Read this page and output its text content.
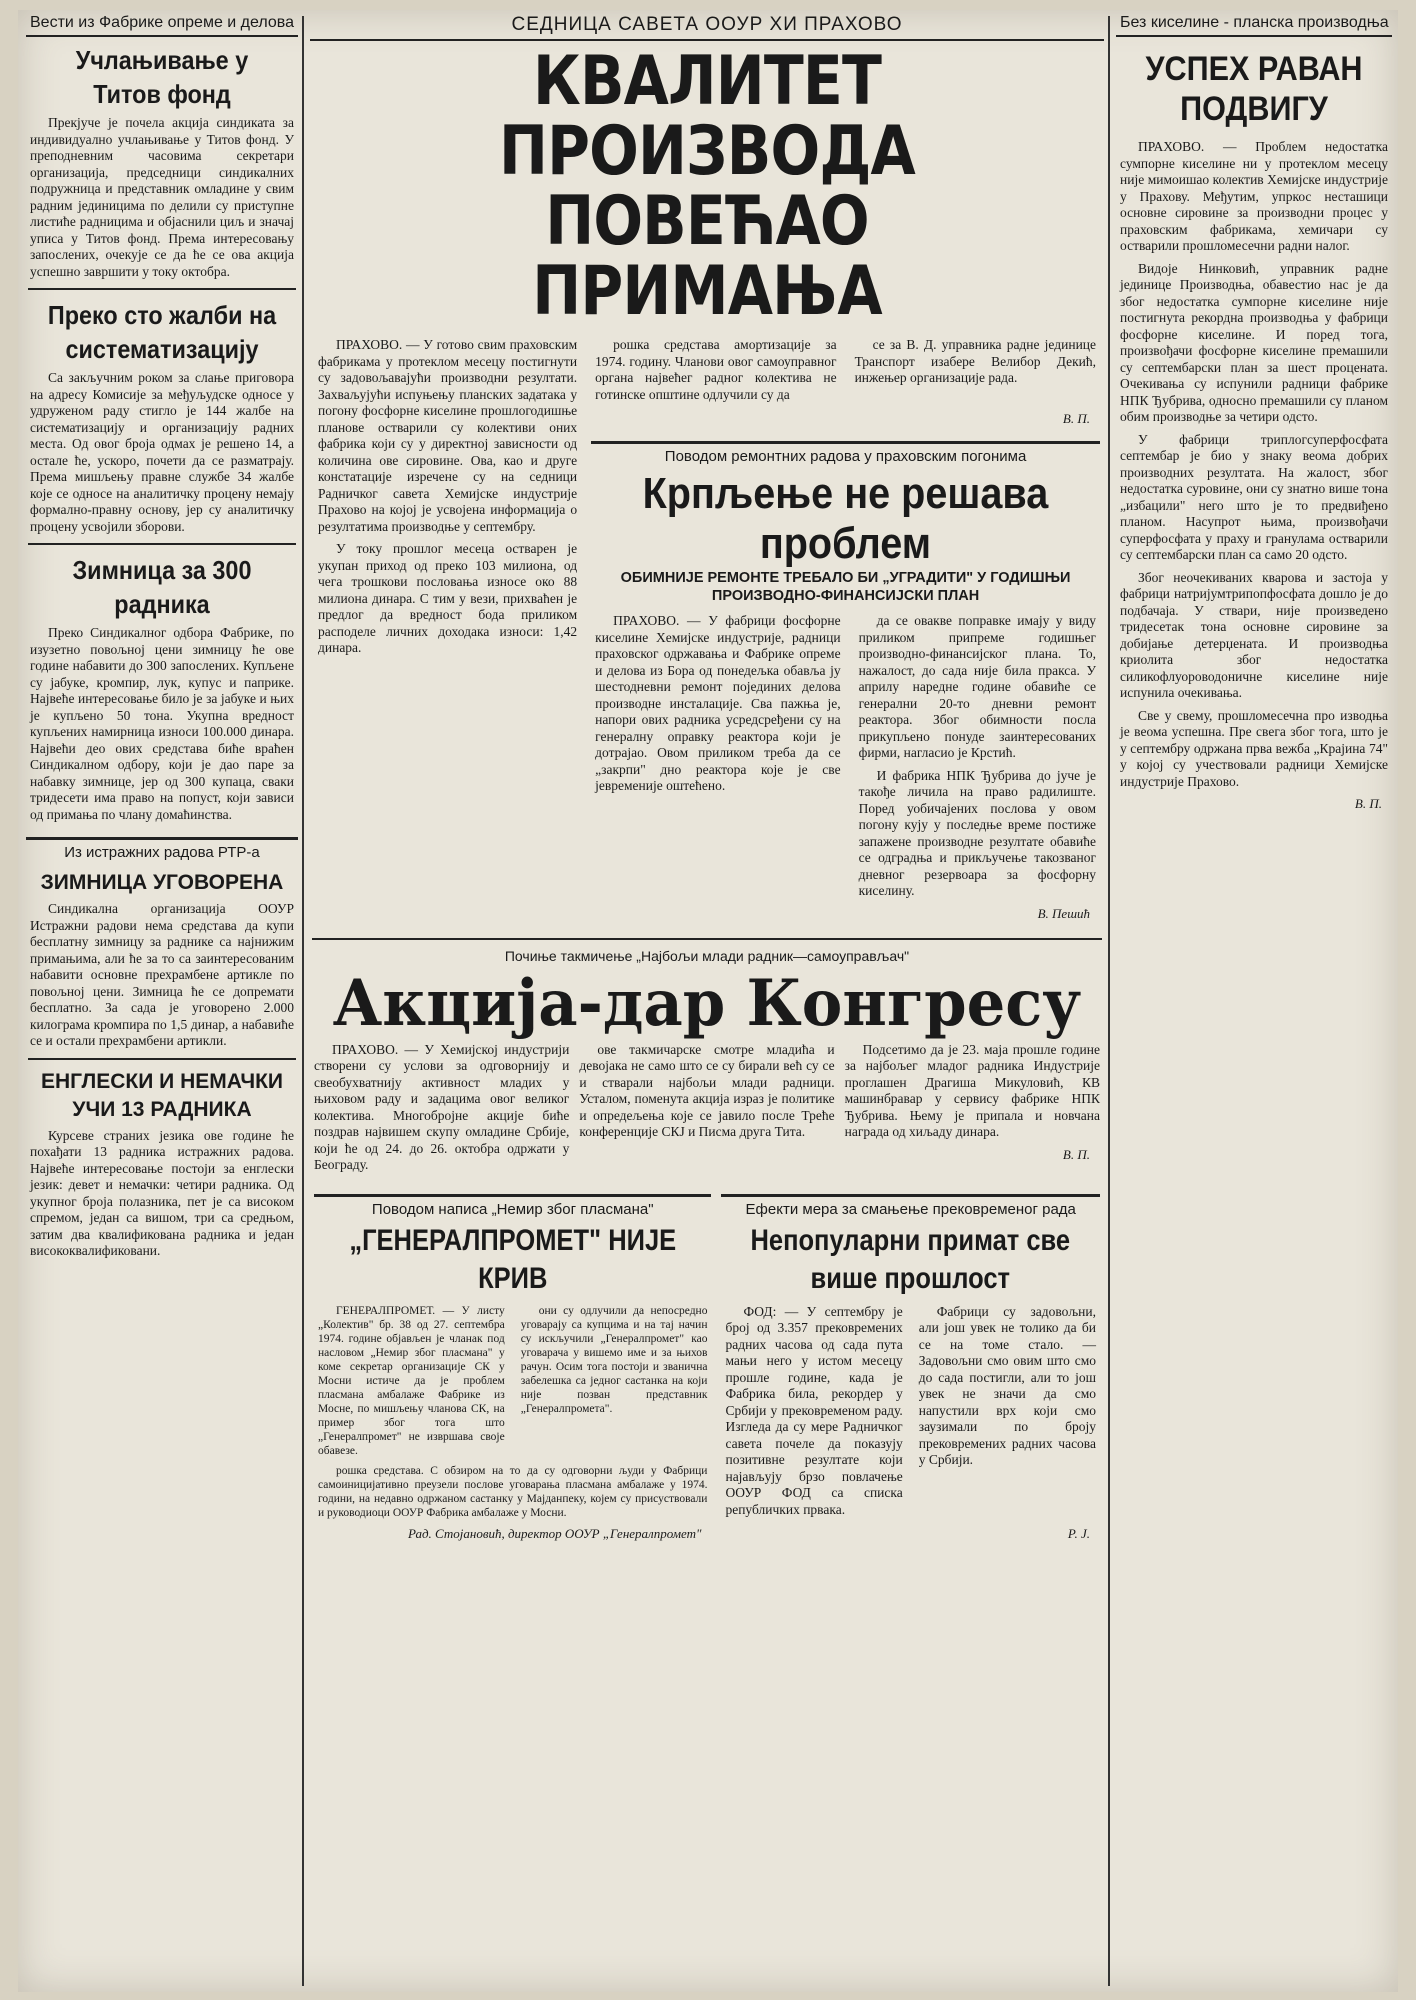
Вести из Фабрике опреме и делова
Учлањивање у Титов фонд

Прекјуче је почела акција синдиката за индивидуално учлањивање у Титов фонд. У преподневним часовима секретари организација, председници синдикалних подружница и представник омладине у свим радним јединицима по делили су приступне листиће радницима и објаснили циљ и значај уписа у Титов фонд. Према интересовању запослених, очекује се да ће се ова акција успешно завршити у току октобра.

Преко сто жалби на систематизацију

Са закључним роком за слање приговора на адресу Комисије за међуљудске односе у удруженом раду стигло је 144 жалбе на систематизацију и организацију радних места. Од овог броја одмах је решено 14, а остале ће, ускоро, почети да се разматрају. Према мишљењу правне службе 34 жалбе које се односе на аналитичку процену немају формално-правну основу, јер су аналитичку процену усвојили зборови.

Зимница за 300 радника

Преко Синдикалног одбора Фабрике, по изузетно повољној цени зимницу ће ове године набавити до 300 запослених. Купљене су јабуке, кромпир, лук, купус и паприке. Највеће интересовање било је за јабуке и њих је купљено 50 тона. Укупна вредност купљених намирница износи 100.000 динара. Највећи део ових средстава биће враћен Синдикалном одбору, који је дао паре за набавку зимнице, јер од 300 купаца, сваки тридесети има право на попуст, који зависи од примања по члану домаћинства.

Из истражних радова РТР-а
ЗИМНИЦА УГОВОРЕНА

Синдикална организација ООУР Истражни радови нема средстава да купи бесплатну зимницу за раднике са најнижим примањима, али ће за то са заинтересованим набавити основне прехрамбене артикле по повољној цени. Зимница ће се допремати бесплатно. За сада је уговорено 2.000 килограма кромпира по 1,5 динар, а набавиће се и остали прехрамбени артикли.

ЕНГЛЕСКИ И НЕМАЧКИ УЧИ 13 РАДНИКА

Курсеве страних језика ове године ће похађати 13 радника истражних радова. Највеће интересовање постоји за енглески језик: девет и немачки: четири радника. Од укупног броја полазника, пет је са високом спремом, један са вишом, три са средњом, затим два квалификована радника и један висококвалификовани.

СЕДНИЦА САВЕТА ООУР ХИ ПРАХОВО
КВАЛИТЕТ ПРОИЗВОДА ПОВЕЋАО ПРИМАЊА

ПРАХОВО. — У готово свим праховским фабрикама у протеклом месецу постигнути су задовољавајући производни резултати. Захваљујући испуњењу планских задатака у погону фосфорне киселине прошлогодишње планове остварили су колективи оних фабрика који су у директној зависности од количина ове сировине. Ова, као и друге констатације изречене су на седници Радничког савета Хемијске индустрије Прахово на којој је усвојена информација о резултатима производње у септембру.

У току прошлог месеца остварен је укупан приход од преко 103 милиона, од чега трошкови пословања износе око 88 милиона динара. С тим у вези, прихваћен је предлог да вредност бода приликом расподеле личних доходака износи: 1,42 динара.

рошка средстава амортизације за 1974. годину. Чланови овог самоуправног органа највећег радног колектива не готинске општине одлучили су да

се за В. Д. управника радне јединице Транспорт изабере Велибор Декић, инжењер организације рада.

В. П.
Поводом ремонтних радова у праховским погонима
Крпљење не решава проблем
ОБИМНИЈЕ РЕМОНТЕ ТРЕБАЛО БИ „УГРАДИТИ" У ГОДИШЊИ ПРОИЗВОДНО-ФИНАНСИЈСКИ ПЛАН

ПРАХОВО. — У фабрици фосфорне киселине Хемијске индустрије, радници праховског одржавања и Фабрике опреме и делова из Бора од понедељка обавља ју шестодневни ремонт појединих делова производне инсталације. Сва пажња је, напори ових радника усредсређени су на генералну оправку реактора који је дотрајао. Овом приликом треба да се „закрпи" дно реактора које је све јевременије оштећено.

да се овакве поправке имају у виду приликом припреме годишњег производно-финансијског плана. То, нажалост, до сада није била пракса. У априлу наредне године обавиће се генерални 20-то дневни ремонт реактора. Због обимности посла прикупљено понуде заинтересованих фирми, нагласио је Крстић.

И фабрика НПК Ђубрива до јуче је такође личила на право радилиште. Поред уобичајених послова у овом погону кују у последње време постиже запажене производне резултате обавиће се одградња и прикључење такозваног дневног резервоара за фосфорну киселину.

В. Пешић
Почиње такмичење „Најбољи млади радник—самоуправљач"
Акција-дар Конгресу

ПРАХОВО. — У Хемијској индустрији створени су услови за одговорнију и свеобухватнију активност младих у њиховом раду и задацима овог великог колектива. Многобројне акције биће поздрав највишем скупу омладине Србије, који ће од 24. до 26. октобра одржати у Београду.

ове такмичарске смотре младића и девојака не само што се су бирали већ су се и стварали најбољи млади радници. Усталом, поменута акција израз је политике и опредељења које се јавило после Треће конференције СКЈ и Писма друга Тита.

Подсетимо да је 23. маја прошле године за најбољег младог радника Индустрије проглашен Драгиша Микуловић, КВ машинбравар у сервису фабрике НПК Ђубрива. Њему је припала и новчана награда од хиљаду динара.

В. П.
Поводом написа „Немир због пласмана"
„ГЕНЕРАЛПРОМЕТ" НИЈЕ КРИВ

ГЕНЕРАЛПРОМЕТ. — У листу „Колектив" бр. 38 од 27. септембра 1974. године објављен је чланак под насловом „Немир због пласмана" у коме секретар организације СК у Мосни истиче да је проблем пласмана амбалаже Фабрике из Мосне, по мишљењу чланова СК, на пример због тога што „Генералпромет" не извршава своје обавезе.

они су одлучили да непосредно уговарају са купцима и на тај начин су искључили „Генералпромет" као уговарача у вишемо име и за њихов рачун. Осим тога постоји и званична забелешка са једног састанка на који није позван представник „Генералпромета".

рошка средстава. С обзиром на то да су одговорни људи у Фабрици самоиницијативно преузели послове уговарања пласмана амбалаже у 1974. години, на недавно одржаном састанку у Мајданпеку, којем су присуствовали и руководиоци ООУР Фабрика амбалаже у Мосни.

Рад. Стојановић, директор ООУР „Генералпромет"
Ефекти мера за смањење прековременог рада
Непопуларни примат све више прошлост

ФОД: — У септембру је број од 3.357 прековремених радних часова од сада пута мањи него у истом месецу прошле године, када је Фабрика била, рекордер у Србији у прековременом раду. Изгледа да су мере Радничког савета почеле да показују позитивне резултате који најављују брзо повлачење ООУР ФОД са списка републичких првака.

Фабрици су задовољни, али још увек не толико да би се на томе стало. — Задовољни смо овим што смо до сада постигли, али то још увек не значи да смо напустили врх који смо заузимали по броју прековремених радних часова у Србији.

Р. Ј.
Без киселине - планска производња
УСПЕХ РАВАН ПОДВИГУ

ПРАХОВО. — Проблем недостатка сумпорне киселине ни у протеклом месецу није мимоишао колектив Хемијске индустрије у Прахову. Међутим, упркос несташици основне сировине за производни процес у праховским фабрикама, хемичари су остварили прошломесечни радни налог.

Видоје Нинковић, управник радне јединице Производња, обавестио нас је да због недостатка сумпорне киселине није постигнута рекордна производња у фабрици фосфорне киселине. И поред тога, произвођачи фосфорне киселине премашили су септембарски план за шест процената. Очекивања су испунили радници фабрике НПК Ђубрива, односно премашили су планом обим производње за четири одсто.

У фабрици триплогсуперфосфата септембар је био у знаку веома добрих производних резултата. На жалост, због недостатка суровине, они су знатно више тона „избацили" него што је то предвиђено планом. Насупрот њима, произвођачи суперфосфата у праху и гранулама остварили су септембарски план са само 20 одсто.

Због неочекиваних кварова и застоја у фабрици натријумтрипопфосфата дошло је до подбачаја. У ствари, није произведено тридесетак тона основне сировине за добијање детерџената. И производња криолита због недостатка силикофлуороводоничне киселине није испунила очекивања.

Све у свему, прошломесечна про изводња је веома успешна. Пре свега због тога, што је у септембру одржана прва вежба „Крајина 74" у којој су учествовали радници Хемијске индустрије Прахово.

В. П.
